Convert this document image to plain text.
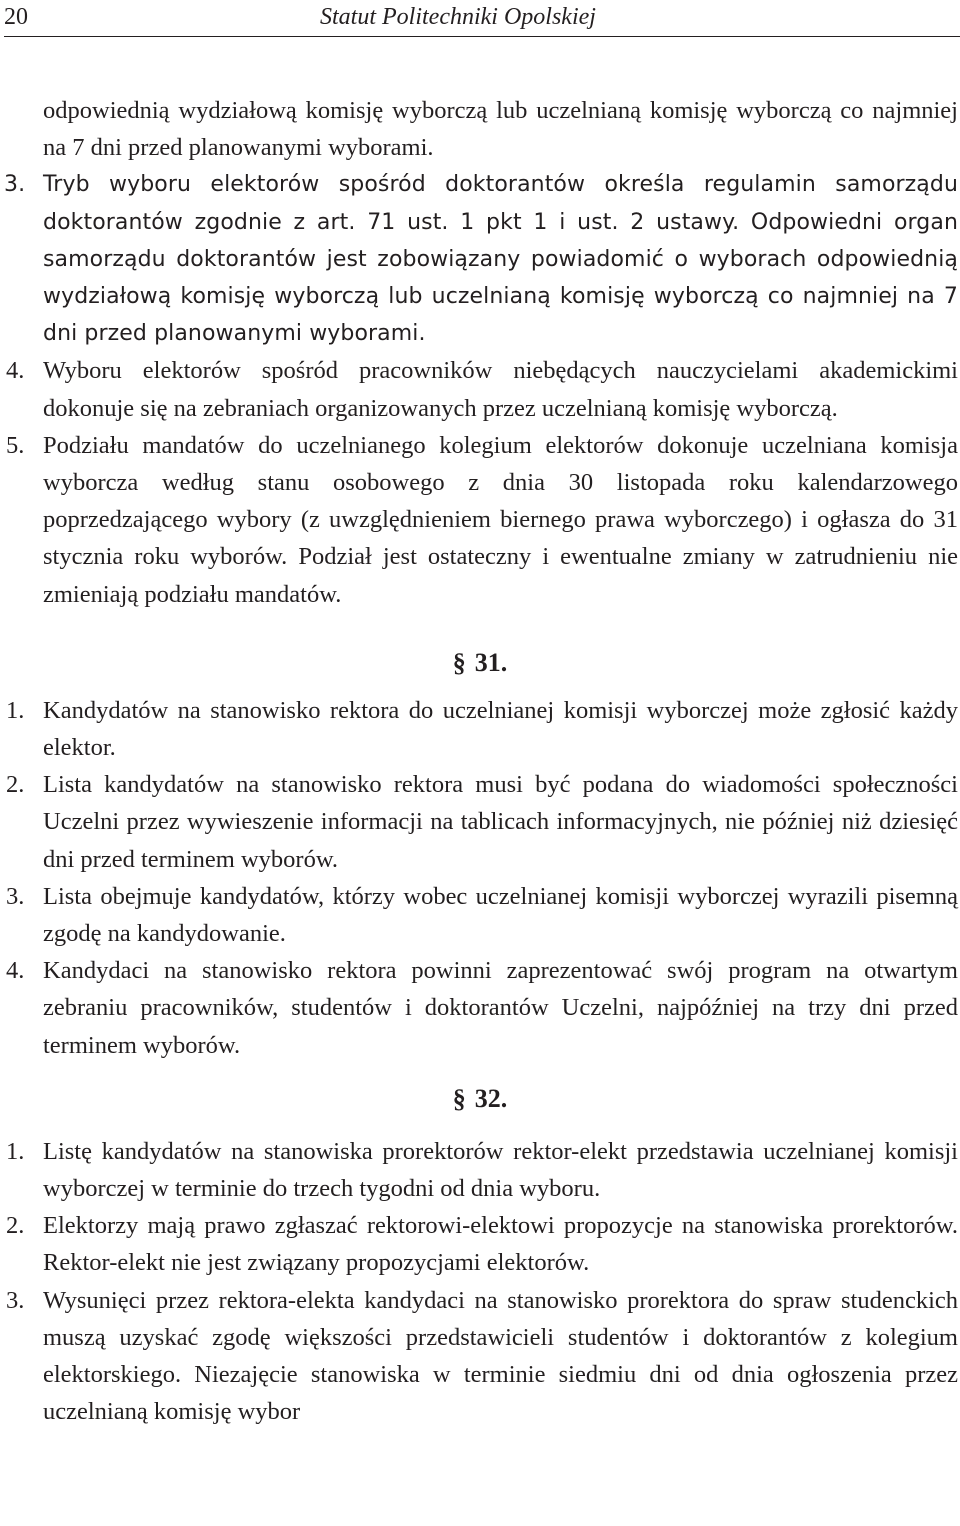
20	Statut Politechniki Opolskiej

odpowiednią wydziałową komisję wyborczą lub uczelnianą komisję wyborczą co najmniej na 7 dni przed planowanymi wyborami.

3. Tryb wyboru elektorów spośród doktorantów określa regulamin samorządu doktorantów zgodnie z art. 71 ust. 1 pkt 1 i ust. 2 ustawy. Odpowiedni organ samorządu doktorantów jest zobowiązany powiadomić o wyborach odpowiednią wydziałową komisję wyborczą lub uczelnianą komisję wyborczą co najmniej na 7 dni przed planowanymi wyborami.

4. Wyboru elektorów spośród pracowników niebędących nauczycielami akademickimi dokonuje się na zebraniach organizowanych przez uczelnianą komisję wyborczą.

5. Podziału mandatów do uczelnianego kolegium elektorów dokonuje uczelniana komisja wyborcza według stanu osobowego z dnia 30 listopada roku kalendarzowego poprzedzającego wybory (z uwzględnieniem biernego prawa wyborczego) i ogłasza do 31 stycznia roku wyborów. Podział jest ostateczny i ewentualne zmiany w zatrudnieniu nie zmieniają podziału mandatów.

§ 31.

1. Kandydatów na stanowisko rektora do uczelnianej komisji wyborczej może zgłosić każdy elektor.

2. Lista kandydatów na stanowisko rektora musi być podana do wiadomości społeczności Uczelni przez wywieszenie informacji na tablicach informacyjnych, nie później niż dziesięć dni przed terminem wyborów.

3. Lista obejmuje kandydatów, którzy wobec uczelnianej komisji wyborczej wyrazili pisemną zgodę na kandydowanie.

4. Kandydaci na stanowisko rektora powinni zaprezentować swój program na otwartym zebraniu pracowników, studentów i doktorantów Uczelni, najpóźniej na trzy dni przed terminem wyborów.

§ 32.

1. Listę kandydatów na stanowiska prorektorów rektor-elekt przedstawia uczelnianej komisji wyborczej w terminie do trzech tygodni od dnia wyboru.

2. Elektorzy mają prawo zgłaszać rektorowi-elektowi propozycje na stanowiska prorektorów. Rektor-elekt nie jest związany propozycjami elektorów.

3. Wysunięci przez rektora-elekta kandydaci na stanowisko prorektora do spraw studenckich muszą uzyskać zgodę większości przedstawicieli studentów i doktorantów z kolegium elektorskiego. Niezajęcie stanowiska w terminie siedmiu dni od dnia ogłoszenia przez uczelnianą komisję wybor
